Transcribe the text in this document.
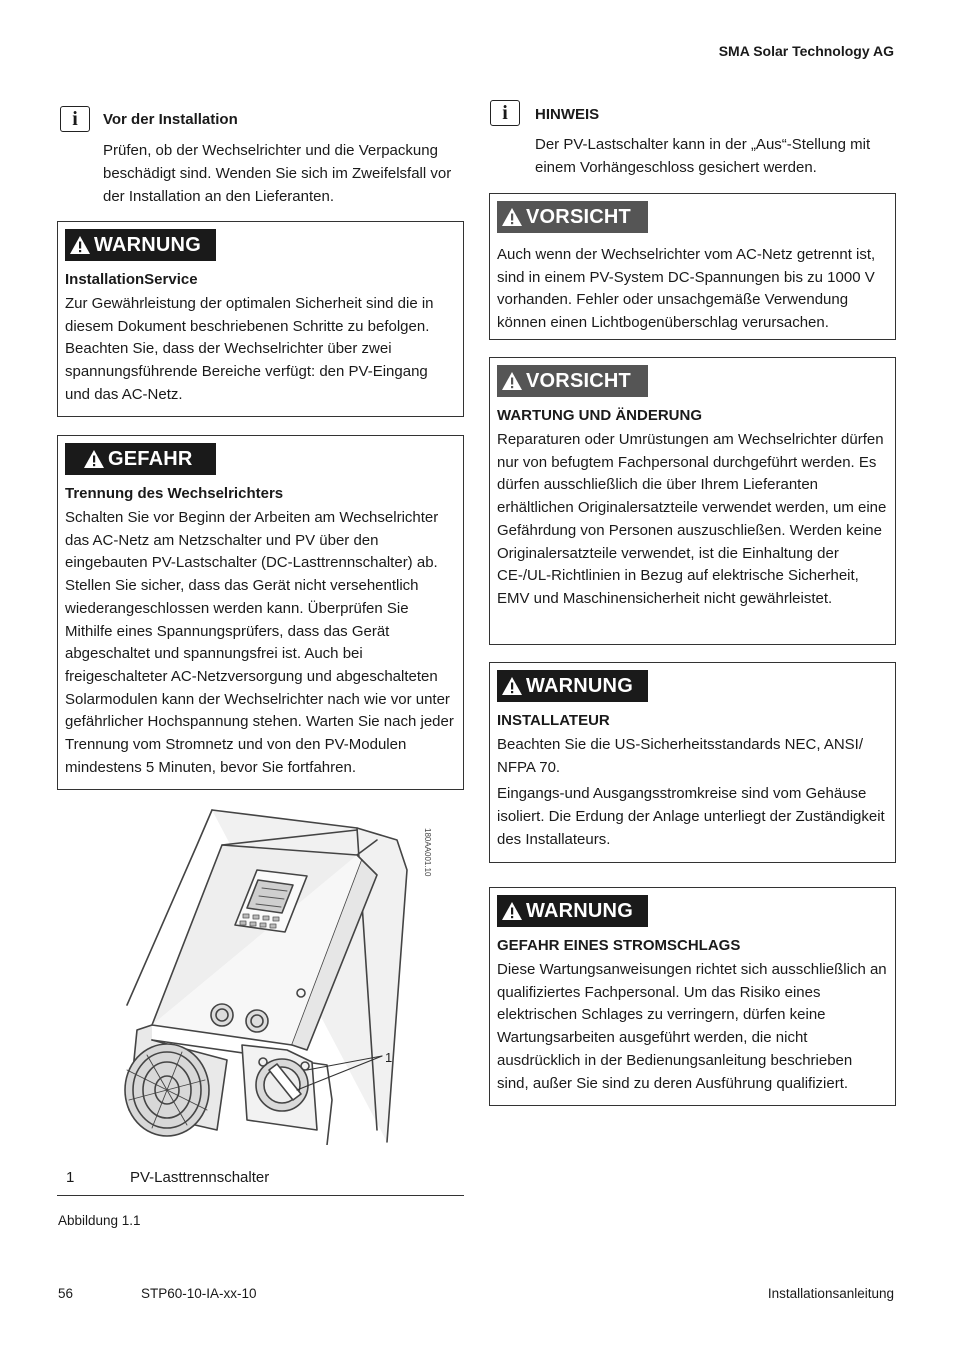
SMA Solar Technology AG
i	Vor der Installation
Prüfen, ob der Wechselrichter und die Verpackung beschädigt sind. Wenden Sie sich im Zweifelsfall vor der Installation an den Lieferanten.
WARNUNG
InstallationService
Zur Gewährleistung der optimalen Sicherheit sind die in diesem Dokument beschriebenen Schritte zu befolgen. Beachten Sie, dass der Wechselrichter über zwei spannungsführende Bereiche verfügt: den PV-Eingang und das AC-Netz.
GEFAHR
Trennung des Wechselrichters
Schalten Sie vor Beginn der Arbeiten am Wechselrichter das AC-Netz am Netzschalter und PV über den eingebauten PV-Lastschalter (DC-Lasttrennschalter) ab. Stellen Sie sicher, dass das Gerät nicht versehentlich wiederangeschlossen werden kann. Überprüfen Sie Mithilfe eines Spannungsprüfers, dass das Gerät abgeschaltet und spannungsfrei ist. Auch bei freigeschalteter AC-Netzversorgung und abgeschalteten Solarmodulen kann der Wechselrichter nach wie vor unter gefährlicher Hochspannung stehen. Warten Sie nach jeder Trennung vom Stromnetz und von den PV-Modulen mindestens 5 Minuten, bevor Sie fortfahren.
1
180AA001.10
1	PV-Lasttrennschalter
Abbildung 1.1
i	HINWEIS
Der PV-Lastschalter kann in der „Aus“-Stellung mit einem Vorhängeschloss gesichert werden.
VORSICHT
Auch wenn der Wechselrichter vom AC-Netz getrennt ist, sind in einem PV-System DC-Spannungen bis zu 1000 V vorhanden. Fehler oder unsachgemäße Verwendung können einen Lichtbogenüberschlag verursachen.
VORSICHT
WARTUNG UND ÄNDERUNG
Reparaturen oder Umrüstungen am Wechselrichter dürfen nur von befugtem Fachpersonal durchgeführt werden. Es dürfen ausschließlich die über Ihrem Lieferanten erhältlichen Originalersatzteile verwendet werden, um eine Gefährdung von Personen auszuschließen. Werden keine Originalersatzteile verwendet, ist die Einhaltung der CE-/UL-Richtlinien in Bezug auf elektrische Sicherheit, EMV und Maschinensicherheit nicht gewährleistet.
WARNUNG
INSTALLATEUR
Beachten Sie die US-Sicherheitsstandards NEC, ANSI/ NFPA 70.
Eingangs-und Ausgangsstromkreise sind vom Gehäuse isoliert. Die Erdung der Anlage unterliegt der Zuständigkeit des Installateurs.
WARNUNG
GEFAHR EINES STROMSCHLAGS
Diese Wartungsanweisungen richtet sich ausschließlich an qualifiziertes Fachpersonal. Um das Risiko eines elektrischen Schlages zu verringern, dürfen keine Wartungsarbeiten ausgeführt werden, die nicht ausdrücklich in der Bedienungsanleitung beschrieben sind, außer Sie sind zu deren Ausführung qualifiziert.
56	STP60-10-IA-xx-10	Installationsanleitung
